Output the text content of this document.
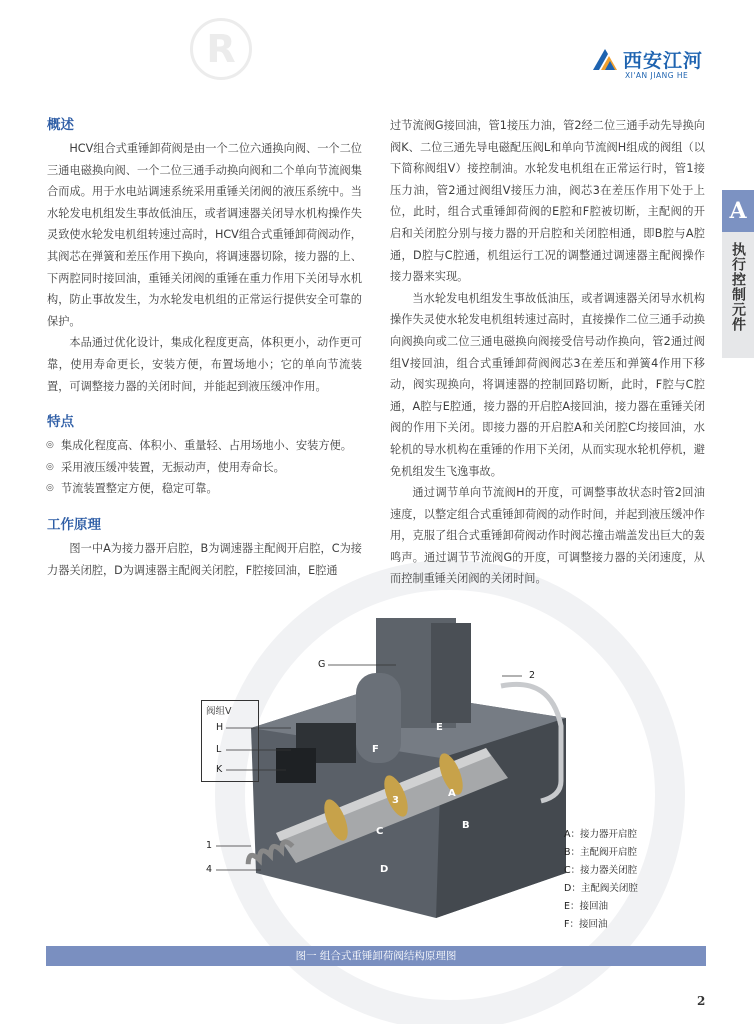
R	西安江河
XI'AN JIANG HE
A
执行控制元件
概述

HCV组合式重锤卸荷阀是由一个二位六通换向阀、一个二位三通电磁换向阀、一个二位三通手动换向阀和二个单向节流阀集合而成。用于水电站调速系统采用重锤关闭阀的液压系统中。当水轮发电机组发生事故低油压，或者调速器关闭导水机构操作失灵致使水轮发电机组转速过高时，HCV组合式重锤卸荷阀动作，其阀芯在弹簧和差压作用下换向，将调速器切除，接力器的上、下两腔同时接回油，重锤关闭阀的重锤在重力作用下关闭导水机构，防止事故发生，为水轮发电机组的正常运行提供安全可靠的保护。

本品通过优化设计，集成化程度更高，体积更小，动作更可靠，使用寿命更长，安装方便，布置场地小；它的单向节流装置，可调整接力器的关闭时间，并能起到液压缓冲作用。

特点
◎ 集成化程度高、体积小、重量轻、占用场地小、安装方便。
◎ 采用液压缓冲装置，无振动声，使用寿命长。
◎ 节流装置整定方便，稳定可靠。
工作原理

图一中A为接力器开启腔，B为调速器主配阀开启腔，C为接力器关闭腔，D为调速器主配阀关闭腔，F腔接回油，E腔通

过节流阀G接回油，管1接压力油，管2经二位三通手动先导换向阀K、二位三通先导电磁配压阀L和单向节流阀H组成的阀组（以下简称阀组V）接控制油。水轮发电机组在正常运行时，管1接压力油，管2通过阀组V接压力油，阀芯3在差压作用下处于上位，此时，组合式重锤卸荷阀的E腔和F腔被切断，主配阀的开启和关闭腔分别与接力器的开启腔和关闭腔相通，即B腔与A腔通，D腔与C腔通，机组运行工况的调整通过调速器主配阀操作接力器来实现。

当水轮发电机组发生事故低油压，或者调速器关闭导水机构操作失灵使水轮发电机组转速过高时，直接操作二位三通手动换向阀换向或二位三通电磁换向阀接受信号动作换向，管2通过阀组V接回油，组合式重锤卸荷阀阀芯3在差压和弹簧4作用下移动，阀实现换向，将调速器的控制回路切断，此时，F腔与C腔通，A腔与E腔通，接力器的开启腔A接回油，接力器在重锤关闭阀的作用下关闭。即接力器的开启腔A和关闭腔C均接回油，水轮机的导水机构在重锤的作用下关闭，从而实现水轮机停机，避免机组发生飞逸事故。

通过调节单向节流阀H的开度，可调整事故状态时管2回油速度，以整定组合式重锤卸荷阀的动作时间，并起到液压缓冲作用，克服了组合式重锤卸荷阀动作时阀芯撞击端盖发出巨大的轰鸣声。通过调节节流阀G的开度，可调整接力器的关闭速度，从而控制重锤关闭阀的关闭时间。

阀组V
G
2
H
L
K
1
4
F
E
3
A
B
C
D
A：接力器开启腔
B：主配阀开启腔
C：接力器关闭腔
D：主配阀关闭腔
E：接回油
F：接回油
图一 组合式重锤卸荷阀结构原理图
2
